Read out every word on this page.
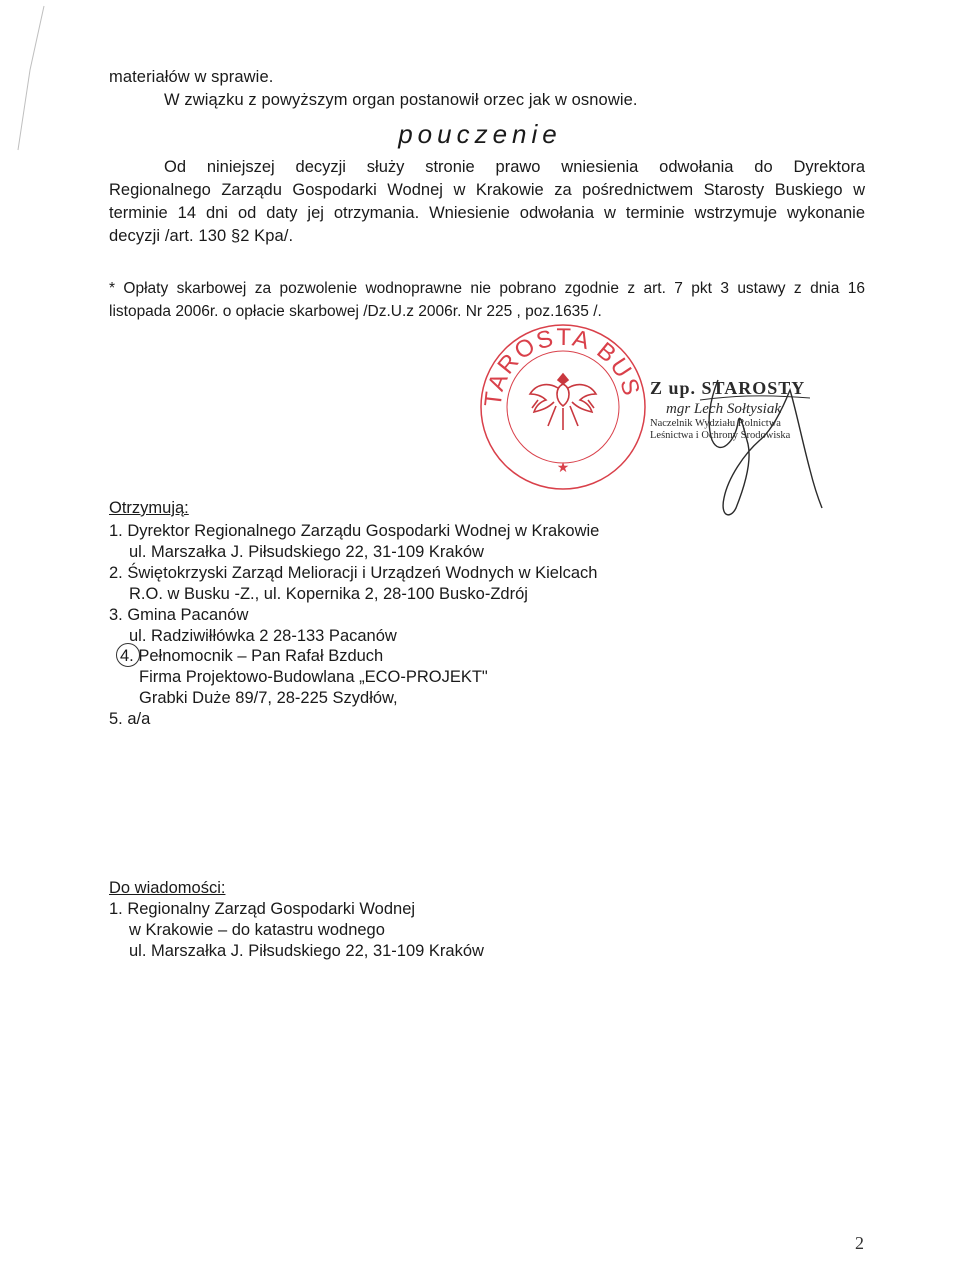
materiałów w sprawie.
W związku z powyższym organ postanowił orzec jak w osnowie.
pouczenie
Od niniejszej decyzji służy stronie prawo wniesienia odwołania do Dyrektora
Regionalnego Zarządu Gospodarki Wodnej w Krakowie za pośrednictwem Starosty Buskiego w
terminie 14 dni od daty jej otrzymania. Wniesienie odwołania w terminie wstrzymuje wykonanie
decyzji /art. 130 §2 Kpa/.
* Opłaty skarbowej za pozwolenie wodnoprawne nie pobrano zgodnie z art. 7 pkt 3 ustawy z dnia 16
listopada 2006r. o opłacie skarbowej /Dz.U.z 2006r. Nr 225 , poz.1635 /.
TAROSTA BUS
★
Z up. STAROSTY
mgr Lech Sołtysiak
Naczelnik Wydziału Rolnictwa
Leśnictwa i Ochrony Środowiska
Otrzymują:
1. Dyrektor Regionalnego Zarządu Gospodarki Wodnej w Krakowie
ul. Marszałka J. Piłsudskiego 22, 31-109 Kraków
2. Świętokrzyski Zarząd Melioracji i Urządzeń Wodnych w Kielcach
R.O. w Busku -Z., ul. Kopernika 2, 28-100 Busko-Zdrój
3. Gmina Pacanów
ul. Radziwiłłówka 2 28-133 Pacanów
4. Pełnomocnik – Pan Rafał Bzduch
Firma Projektowo-Budowlana „ECO-PROJEKT"
Grabki Duże 89/7, 28-225 Szydłów,
5. a/a
Do wiadomości:
1. Regionalny Zarząd Gospodarki Wodnej
w Krakowie – do katastru wodnego
ul. Marszałka J. Piłsudskiego 22, 31-109 Kraków
2
